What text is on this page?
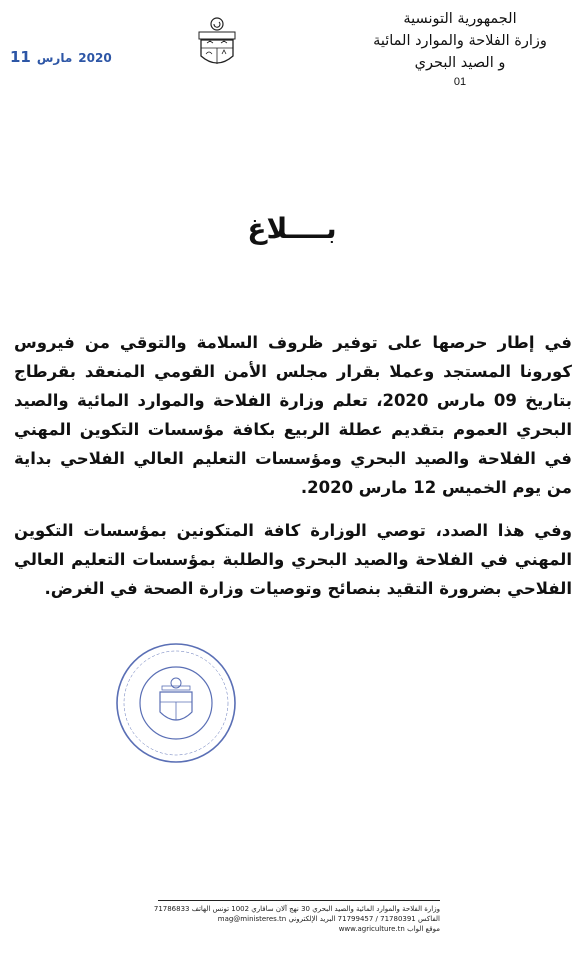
11 مارس 2020
الجمهورية التونسية
وزارة الفلاحة والموارد المائية
و الصيد البحري
01
بــــلاغ

في إطار حرصها على توفير ظروف السلامة والتوقي من فيروس كورونا المستجد وعملا بقرار مجلس الأمن القومي المنعقد بقرطاج بتاريخ 09 مارس 2020، تعلم وزارة الفلاحة والموارد المائية والصيد البحري العموم بتقديم عطلة الربيع بكافة مؤسسات التكوين المهني في الفلاحة والصيد البحري ومؤسسات التعليم العالي الفلاحي بداية من يوم الخميس 12 مارس 2020.

وفي هذا الصدد، توصي الوزارة كافة المتكونين بمؤسسات التكوين المهني في الفلاحة والصيد البحري والطلبة بمؤسسات التعليم العالي الفلاحي بضرورة التقيد بنصائح وتوصيات وزارة الصحة في الغرض.

وزارة الفلاحة والموارد المائية والصيد البحري 30 نهج آلان سافاري 1002 تونس الهاتف 71786833
الفاكس 71780391 / 71799457 البريد الإلكتروني mag@ministeres.tn
موقع الواب www.agriculture.tn
